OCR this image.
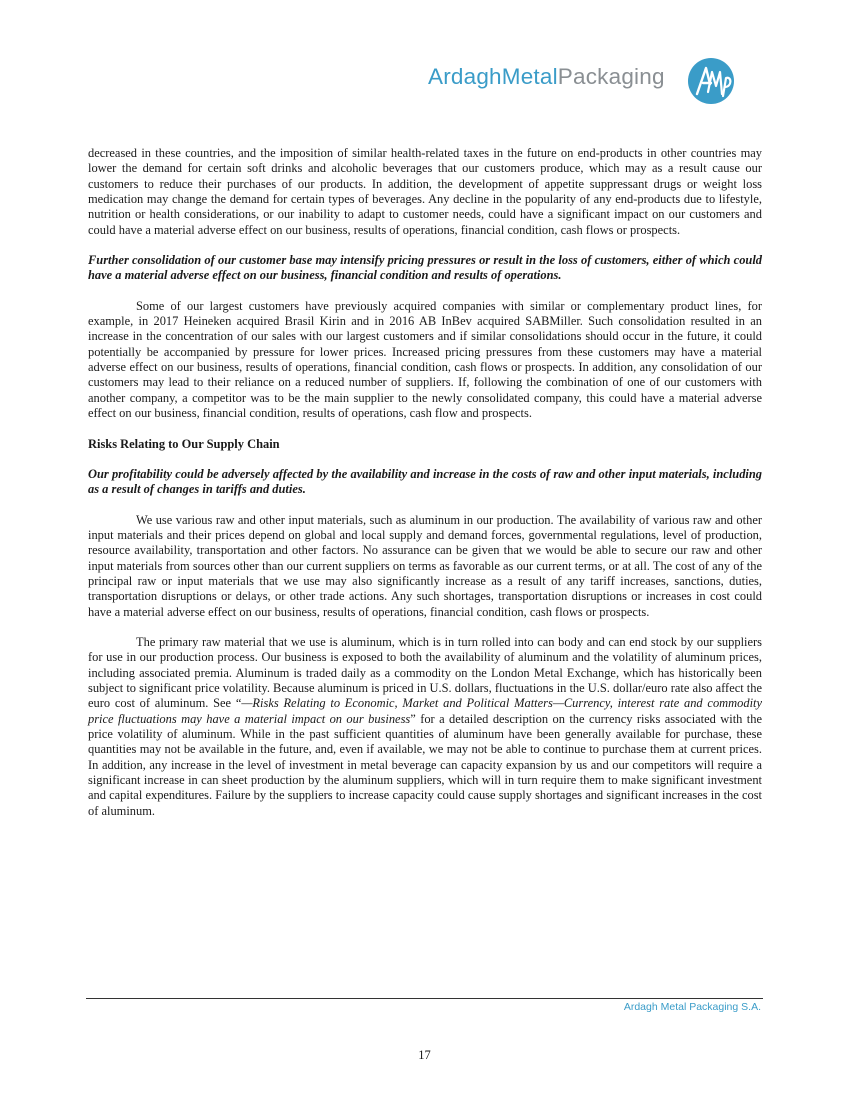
ArdaghMetalPackaging

decreased in these countries, and the imposition of similar health-related taxes in the future on end-products in other countries may lower the demand for certain soft drinks and alcoholic beverages that our customers produce, which may as a result cause our customers to reduce their purchases of our products. In addition, the development of appetite suppressant drugs or weight loss medication may change the demand for certain types of beverages. Any decline in the popularity of any end-products due to lifestyle, nutrition or health considerations, or our inability to adapt to customer needs, could have a significant impact on our customers and could have a material adverse effect on our business, results of operations, financial condition, cash flows or prospects.

Further consolidation of our customer base may intensify pricing pressures or result in the loss of customers, either of which could have a material adverse effect on our business, financial condition and results of operations.

Some of our largest customers have previously acquired companies with similar or complementary product lines, for example, in 2017 Heineken acquired Brasil Kirin and in 2016 AB InBev acquired SABMiller. Such consolidation resulted in an increase in the concentration of our sales with our largest customers and if similar consolidations should occur in the future, it could potentially be accompanied by pressure for lower prices. Increased pricing pressures from these customers may have a material adverse effect on our business, results of operations, financial condition, cash flows or prospects. In addition, any consolidation of our customers may lead to their reliance on a reduced number of suppliers. If, following the combination of one of our customers with another company, a competitor was to be the main supplier to the newly consolidated company, this could have a material adverse effect on our business, financial condition, results of operations, cash flow and prospects.

Risks Relating to Our Supply Chain

Our profitability could be adversely affected by the availability and increase in the costs of raw and other input materials, including as a result of changes in tariffs and duties.

We use various raw and other input materials, such as aluminum in our production. The availability of various raw and other input materials and their prices depend on global and local supply and demand forces, governmental regulations, level of production, resource availability, transportation and other factors. No assurance can be given that we would be able to secure our raw and other input materials from sources other than our current suppliers on terms as favorable as our current terms, or at all. The cost of any of the principal raw or input materials that we use may also significantly increase as a result of any tariff increases, sanctions, duties, transportation disruptions or delays, or other trade actions. Any such shortages, transportation disruptions or increases in cost could have a material adverse effect on our business, results of operations, financial condition, cash flows or prospects.

The primary raw material that we use is aluminum, which is in turn rolled into can body and can end stock by our suppliers for use in our production process. Our business is exposed to both the availability of aluminum and the volatility of aluminum prices, including associated premia. Aluminum is traded daily as a commodity on the London Metal Exchange, which has historically been subject to significant price volatility. Because aluminum is priced in U.S. dollars, fluctuations in the U.S. dollar/euro rate also affect the euro cost of aluminum. See “—Risks Relating to Economic, Market and Political Matters—Currency, interest rate and commodity price fluctuations may have a material impact on our business” for a detailed description on the currency risks associated with the price volatility of aluminum. While in the past sufficient quantities of aluminum have been generally available for purchase, these quantities may not be available in the future, and, even if available, we may not be able to continue to purchase them at current prices. In addition, any increase in the level of investment in metal beverage can capacity expansion by us and our competitors will require a significant increase in can sheet production by the aluminum suppliers, which will in turn require them to make significant investment and capital expenditures. Failure by the suppliers to increase capacity could cause supply shortages and significant increases in the cost of aluminum.

Ardagh Metal Packaging S.A.
17
